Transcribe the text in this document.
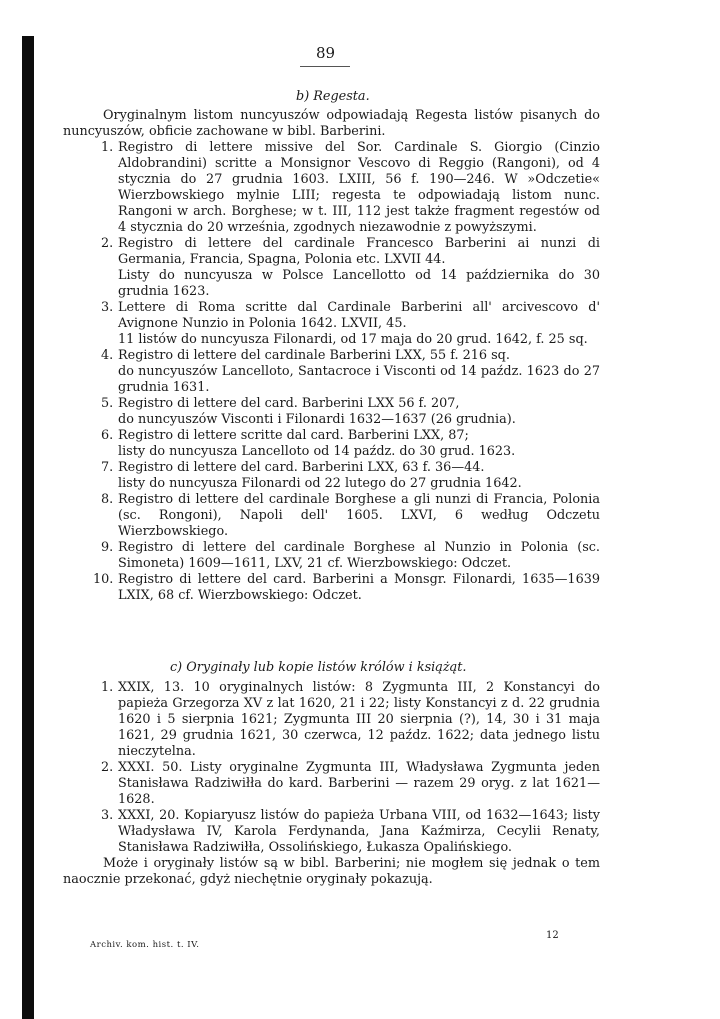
89
b) Regesta.

Oryginalnym listom nuncyuszów odpowiadają Regesta listów pisanych do nuncyuszów, obficie zachowane w bibl. Barberini.

1. Registro di lettere missive del Sor. Cardinale S. Giorgio (Cinzio Aldobrandini) scritte a Monsignor Vescovo di Reggio (Rangoni), od 4 stycznia do 27 grudnia 1603. LXIII, 56 f. 190—246. W »Odczetie« Wierzbowskiego mylnie LIII; regesta te odpowiadają listom nunc. Rangoni w arch. Borghese; w t. III, 112 jest także fragment regestów od 4 stycznia do 20 września, zgodnych niezawodnie z powyższymi.

2. Registro di lettere del cardinale Francesco Barberini ai nunzi di Germania, Francia, Spagna, Polonia etc. LXVII 44.
Listy do nuncyusza w Polsce Lancellotto od 14 października do 30 grudnia 1623.

3. Lettere di Roma scritte dal Cardinale Barberini all' arcivescovo d' Avignone Nunzio in Polonia 1642. LXVII, 45.
11 listów do nuncyusza Filonardi, od 17 maja do 20 grud. 1642, f. 25 sq.

4. Registro di lettere del cardinale Barberini LXX, 55 f. 216 sq.
do nuncyuszów Lancelloto, Santacroce i Visconti od 14 paźdz. 1623 do 27 grudnia 1631.

5. Registro di lettere del card. Barberini LXX 56 f. 207,
do nuncyuszów Visconti i Filonardi 1632—1637 (26 grudnia).

6. Registro di lettere scritte dal card. Barberini LXX, 87;
listy do nuncyusza Lancelloto od 14 paźdz. do 30 grud. 1623.

7. Registro di lettere del card. Barberini LXX, 63 f. 36—44.
listy do nuncyusza Filonardi od 22 lutego do 27 grudnia 1642.

8. Registro di lettere del cardinale Borghese a gli nunzi di Francia, Polonia (sc. Rongoni), Napoli dell' 1605. LXVI, 6 według Odczetu Wierzbowskiego.

9. Registro di lettere del cardinale Borghese al Nunzio in Polonia (sc. Simoneta) 1609—1611, LXV, 21 cf. Wierzbowskiego: Odczet.

10. Registro di lettere del card. Barberini a Monsgr. Filonardi, 1635—1639 LXIX, 68 cf. Wierzbowskiego: Odczet.

c) Oryginały lub kopie listów królów i książąt.

1. XXIX, 13. 10 oryginalnych listów: 8 Zygmunta III, 2 Konstancyi do papieża Grzegorza XV z lat 1620, 21 i 22; listy Konstancyi z d. 22 grudnia 1620 i 5 sierpnia 1621; Zygmunta III 20 sierpnia (?), 14, 30 i 31 maja 1621, 29 grudnia 1621, 30 czerwca, 12 paźdz. 1622; data jednego listu nieczytelna.

2. XXXI. 50. Listy oryginalne Zygmunta III, Władysława Zygmunta jeden Stanisława Radziwiłła do kard. Barberini — razem 29 oryg. z lat 1621—1628.

3. XXXI, 20. Kopiaryusz listów do papieża Urbana VIII, od 1632—1643; listy Władysława IV, Karola Ferdynanda, Jana Kaźmirza, Cecylii Renaty, Stanisława Radziwiłła, Ossolińskiego, Łukasza Opalińskiego.

Może i oryginały listów są w bibl. Barberini; nie mogłem się jednak o tem naocznie przekonać, gdyż niechętnie oryginały pokazują.

Archiv. kom. hist. t. IV.
12
